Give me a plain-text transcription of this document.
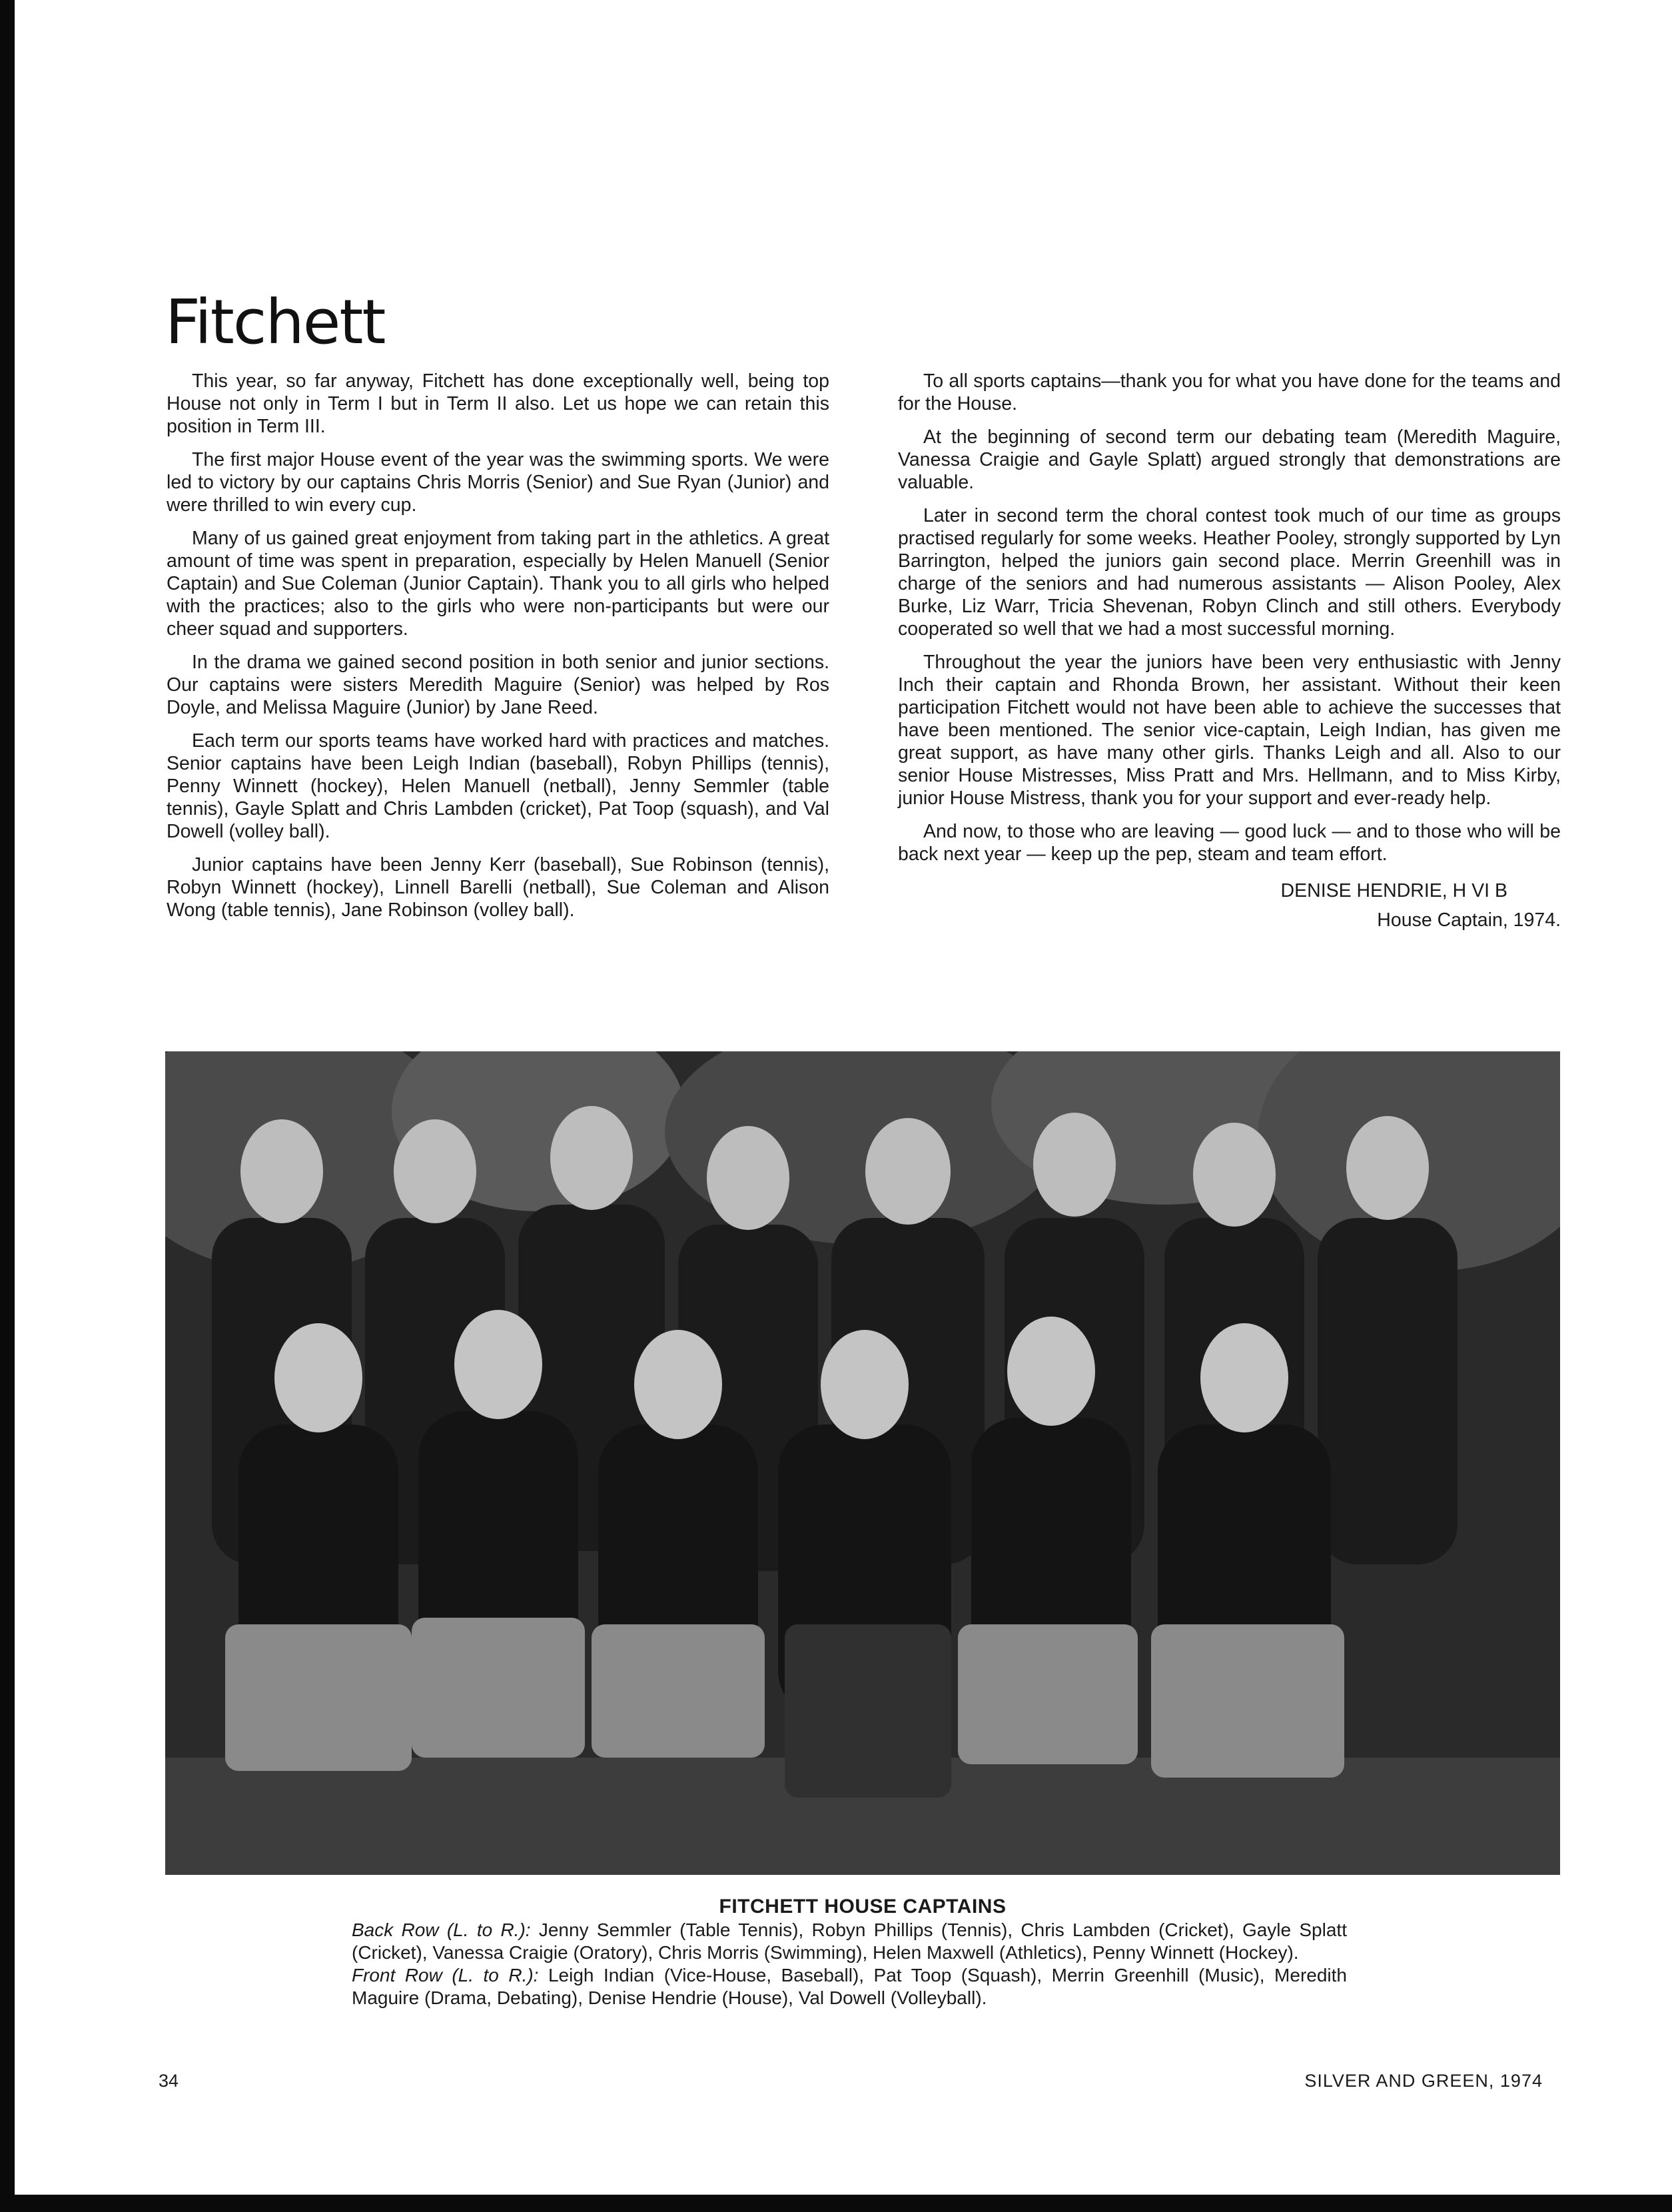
Fitchett

This year, so far anyway, Fitchett has done exceptionally well, being top House not only in Term I but in Term II also. Let us hope we can retain this position in Term III.

The first major House event of the year was the swimming sports. We were led to victory by our captains Chris Morris (Senior) and Sue Ryan (Junior) and were thrilled to win every cup.

Many of us gained great enjoyment from taking part in the athletics. A great amount of time was spent in preparation, especially by Helen Manuell (Senior Captain) and Sue Coleman (Junior Captain). Thank you to all girls who helped with the practices; also to the girls who were non-participants but were our cheer squad and supporters.

In the drama we gained second position in both senior and junior sections. Our captains were sisters Meredith Maguire (Senior) was helped by Ros Doyle, and Melissa Maguire (Junior) by Jane Reed.

Each term our sports teams have worked hard with practices and matches. Senior captains have been Leigh Indian (baseball), Robyn Phillips (tennis), Penny Winnett (hockey), Helen Manuell (netball), Jenny Semmler (table tennis), Gayle Splatt and Chris Lambden (cricket), Pat Toop (squash), and Val Dowell (volley ball).

Junior captains have been Jenny Kerr (baseball), Sue Robinson (tennis), Robyn Winnett (hockey), Linnell Barelli (netball), Sue Coleman and Alison Wong (table tennis), Jane Robinson (volley ball).

To all sports captains—thank you for what you have done for the teams and for the House.

At the beginning of second term our debating team (Meredith Maguire, Vanessa Craigie and Gayle Splatt) argued strongly that demonstrations are valuable.

Later in second term the choral contest took much of our time as groups practised regularly for some weeks. Heather Pooley, strongly supported by Lyn Barrington, helped the juniors gain second place. Merrin Greenhill was in charge of the seniors and had numerous assistants — Alison Pooley, Alex Burke, Liz Warr, Tricia Shevenan, Robyn Clinch and still others. Everybody cooperated so well that we had a most successful morning.

Throughout the year the juniors have been very enthusiastic with Jenny Inch their captain and Rhonda Brown, her assistant. Without their keen participation Fitchett would not have been able to achieve the successes that have been mentioned. The senior vice-captain, Leigh Indian, has given me great support, as have many other girls. Thanks Leigh and all. Also to our senior House Mistresses, Miss Pratt and Mrs. Hellmann, and to Miss Kirby, junior House Mistress, thank you for your support and ever-ready help.

And now, to those who are leaving — good luck — and to those who will be back next year — keep up the pep, steam and team effort.

DENISE HENDRIE, H VI B
House Captain, 1974.
FITCHETT HOUSE CAPTAINS

Back Row (L. to R.): Jenny Semmler (Table Tennis), Robyn Phillips (Tennis), Chris Lambden (Cricket), Gayle Splatt (Cricket), Vanessa Craigie (Oratory), Chris Morris (Swimming), Helen Maxwell (Athletics), Penny Winnett (Hockey).

Front Row (L. to R.): Leigh Indian (Vice-House, Baseball), Pat Toop (Squash), Merrin Greenhill (Music), Meredith Maguire (Drama, Debating), Denise Hendrie (House), Val Dowell (Volleyball).

34	SILVER AND GREEN, 1974
